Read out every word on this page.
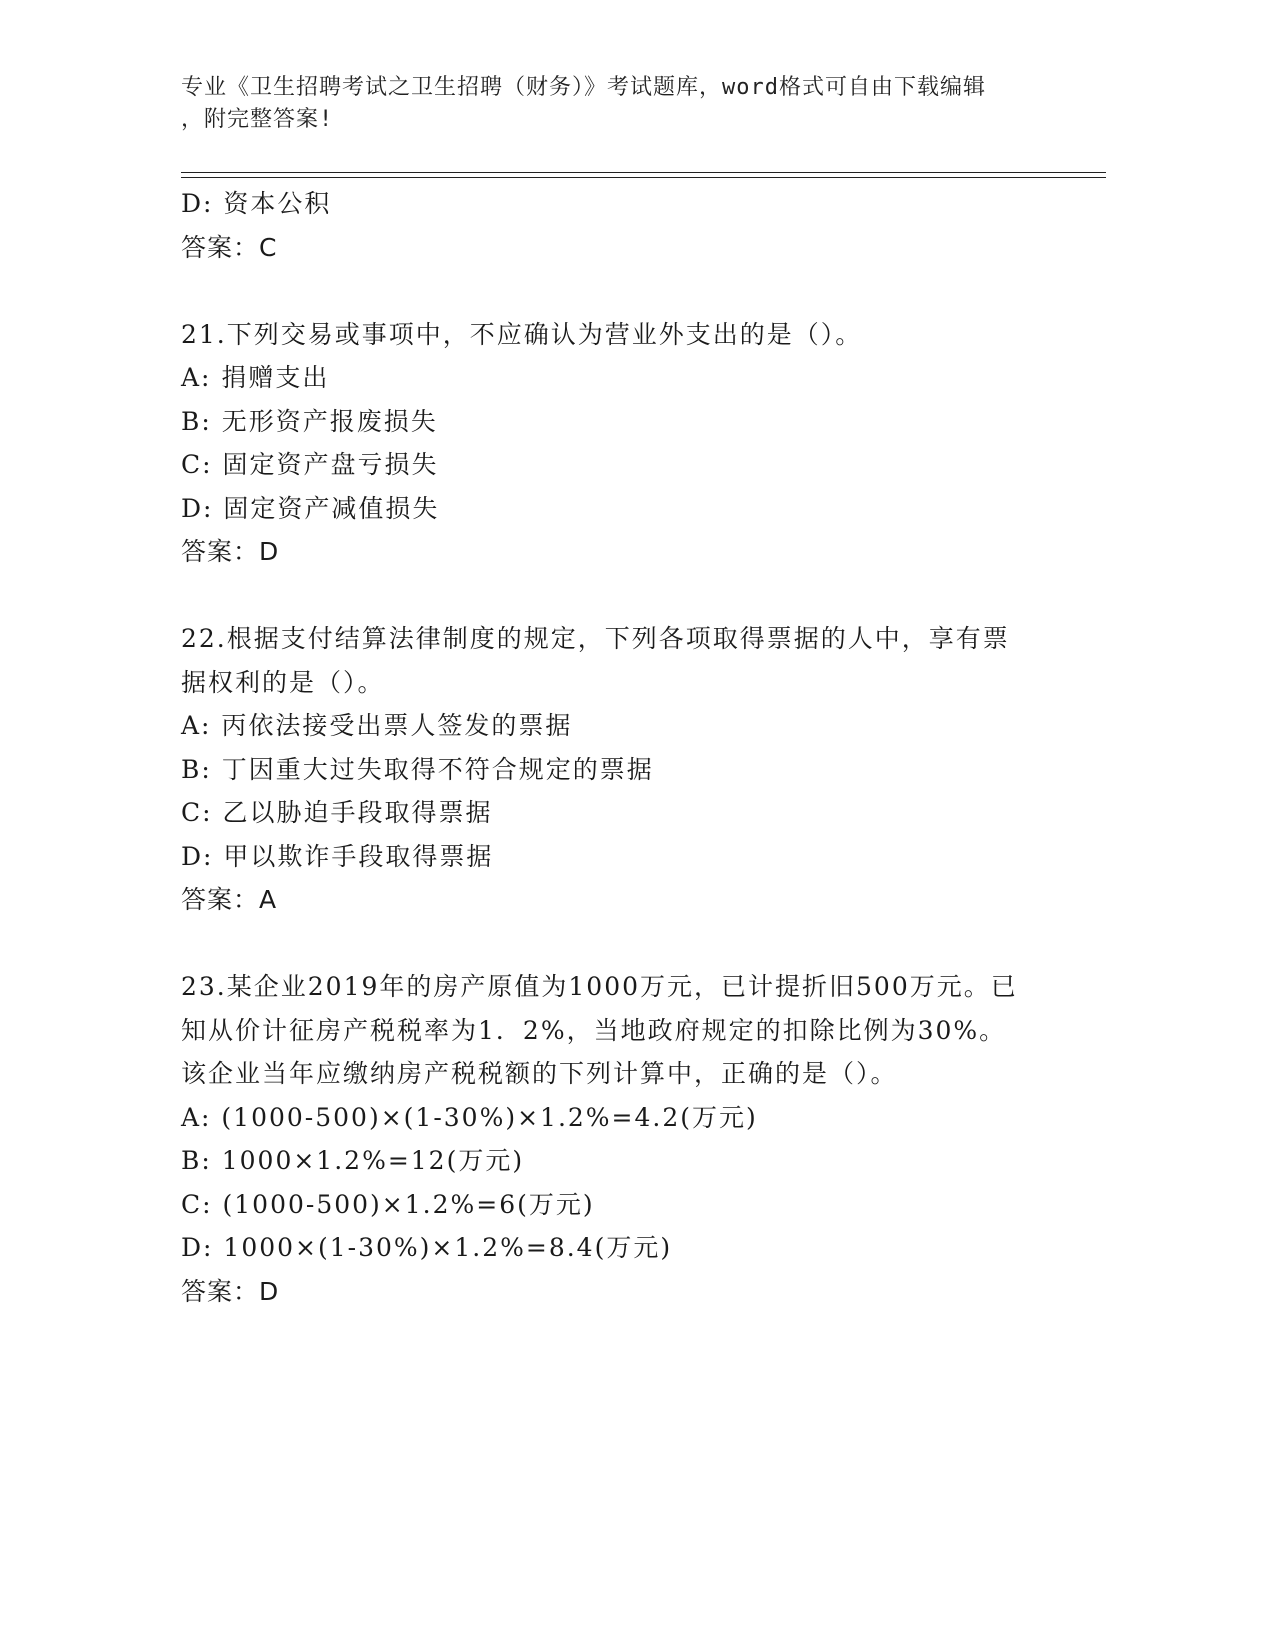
专业《卫生招聘考试之卫生招聘（财务）》考试题库，word格式可自由下载编辑
，附完整答案!
D: 资本公积
答案：C
21.下列交易或事项中，不应确认为营业外支出的是（）。
A: 捐赠支出
B: 无形资产报废损失
C: 固定资产盘亏损失
D: 固定资产减值损失
答案：D
22.根据支付结算法律制度的规定，下列各项取得票据的人中，享有票
据权利的是（）。
A: 丙依法接受出票人签发的票据
B: 丁因重大过失取得不符合规定的票据
C: 乙以胁迫手段取得票据
D: 甲以欺诈手段取得票据
答案：A
23.某企业2019年的房产原值为1000万元，已计提折旧500万元。已
知从价计征房产税税率为1．2%，当地政府规定的扣除比例为30%。
该企业当年应缴纳房产税税额的下列计算中，正确的是（）。
A: (1000-500)×(1-30%)×1.2%=4.2(万元)
B: 1000×1.2%=12(万元)
C: (1000-500)×1.2%=6(万元)
D: 1000×(1-30%)×1.2%=8.4(万元)
答案：D
